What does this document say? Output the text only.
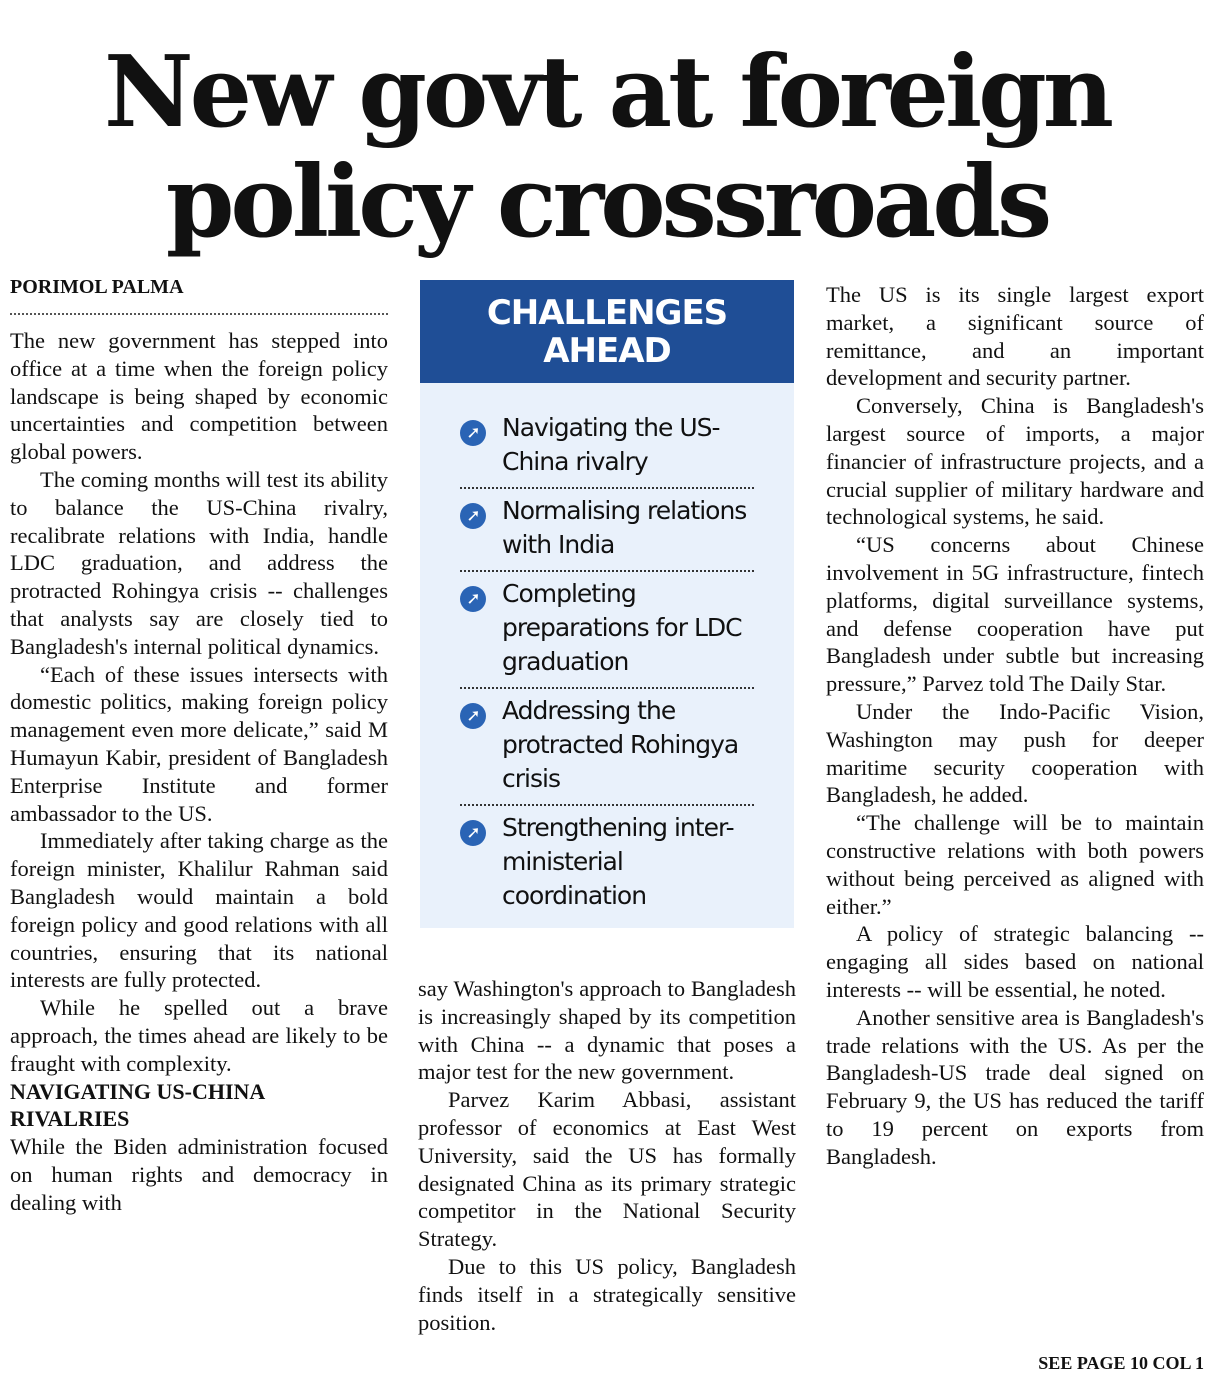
New govt at foreign
policy crossroads
PORIMOL PALMA

The new government has stepped into office at a time when the foreign policy landscape is being shaped by economic uncertainties and competition between global powers.

The coming months will test its ability to balance the US-China rivalry, recalibrate relations with India, handle LDC graduation, and address the protracted Rohingya crisis -- challenges that analysts say are closely tied to Bangladesh's internal political dynamics.

“Each of these issues intersects with domestic politics, making foreign policy management even more delicate,” said M Humayun Kabir, president of Bangladesh Enterprise Institute and former ambassador to the US.

Immediately after taking charge as the foreign minister, Khalilur Rahman said Bangladesh would maintain a bold foreign policy and good relations with all countries, ensuring that its national interests are fully protected.

While he spelled out a brave approach, the times ahead are likely to be fraught with complexity.

NAVIGATING US-CHINA RIVALRIES

While the Biden administration focused on human rights and democracy in dealing with

CHALLENGES
AHEAD
➚ Navigating the US-China rivalry
➚ Normalising relations with India
➚ Completing preparations for LDC graduation
➚ Addressing the protracted Rohingya crisis
➚ Strengthening inter-ministerial coordination

say Washington's approach to Bangladesh is increasingly shaped by its competition with China -- a dynamic that poses a major test for the new government.

Parvez Karim Abbasi, assistant professor of economics at East West University, said the US has formally designated China as its primary strategic competitor in the National Security Strategy.

Due to this US policy, Bangladesh finds itself in a strategically sensitive position.

The US is its single largest export market, a significant source of remittance, and an important development and security partner.

Conversely, China is Bangladesh's largest source of imports, a major financier of infrastructure projects, and a crucial supplier of military hardware and technological systems, he said.

“US concerns about Chinese involvement in 5G infrastructure, fintech platforms, digital surveillance systems, and defense cooperation have put Bangladesh under subtle but increasing pressure,” Parvez told The Daily Star.

Under the Indo-Pacific Vision, Washington may push for deeper maritime security cooperation with Bangladesh, he added.

“The challenge will be to maintain constructive relations with both powers without being perceived as aligned with either.”

A policy of strategic balancing -- engaging all sides based on national interests -- will be essential, he noted.

Another sensitive area is Bangladesh's trade relations with the US. As per the Bangladesh-US trade deal signed on February 9, the US has reduced the tariff to 19 percent on exports from Bangladesh.

SEE PAGE 10 COL 1
